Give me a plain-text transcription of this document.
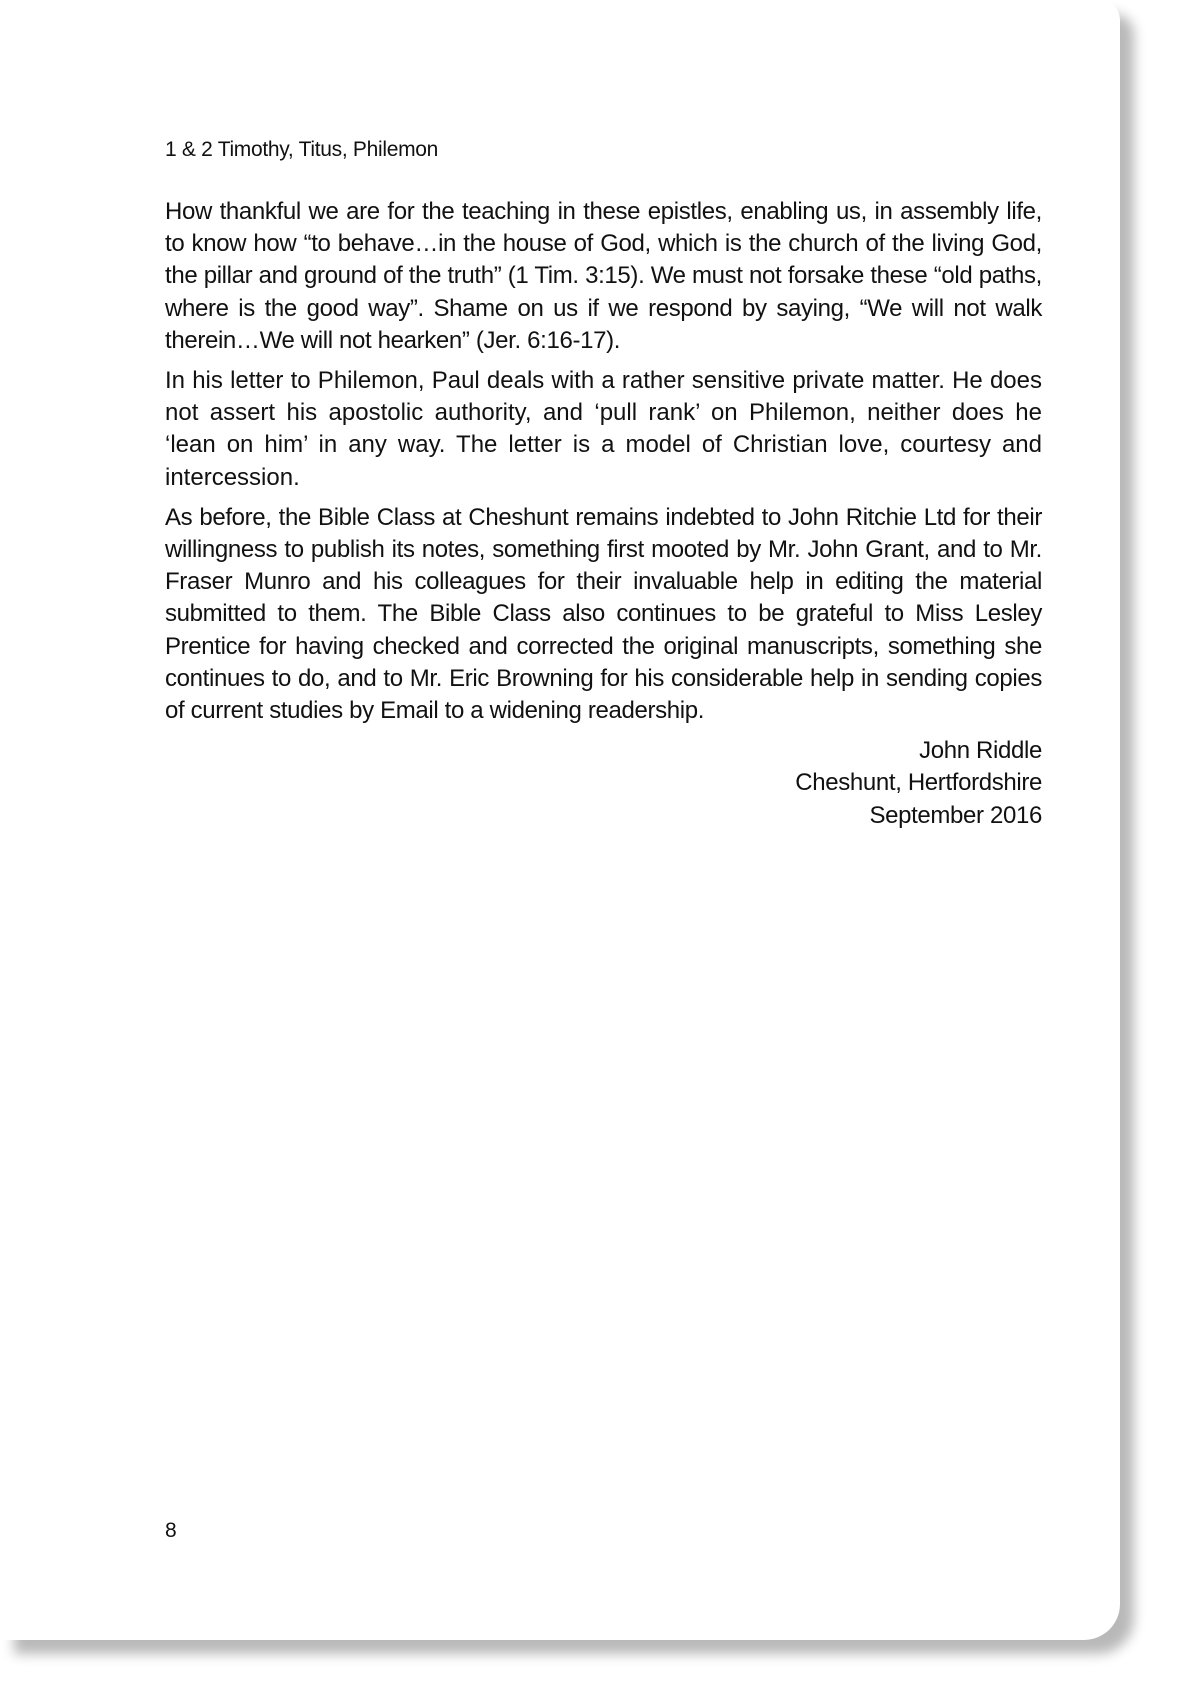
1 & 2 Timothy, Titus, Philemon

How thankful we are for the teaching in these epistles, enabling us, in assembly life, to know how “to behave…in the house of God, which is the church of the living God, the pillar and ground of the truth” (1 Tim. 3:15). We must not forsake these “old paths, where is the good way”. Shame on us if we respond by saying, “We will not walk therein…We will not hearken” (Jer. 6:16-17).

In his letter to Philemon, Paul deals with a rather sensitive private matter. He does not assert his apostolic authority, and ‘pull rank’ on Philemon, neither does he ‘lean on him’ in any way. The letter is a model of Christian love, courtesy and intercession.

As before, the Bible Class at Cheshunt remains indebted to John Ritchie Ltd for their willingness to publish its notes, something first mooted by Mr. John Grant, and to Mr. Fraser Munro and his colleagues for their invaluable help in editing the material submitted to them. The Bible Class also continues to be grateful to Miss Lesley Prentice for having checked and corrected the original manuscripts, something she continues to do, and to Mr. Eric Browning for his considerable help in sending copies of current studies by Email to a widening readership.

John Riddle
Cheshunt, Hertfordshire
September 2016

8
